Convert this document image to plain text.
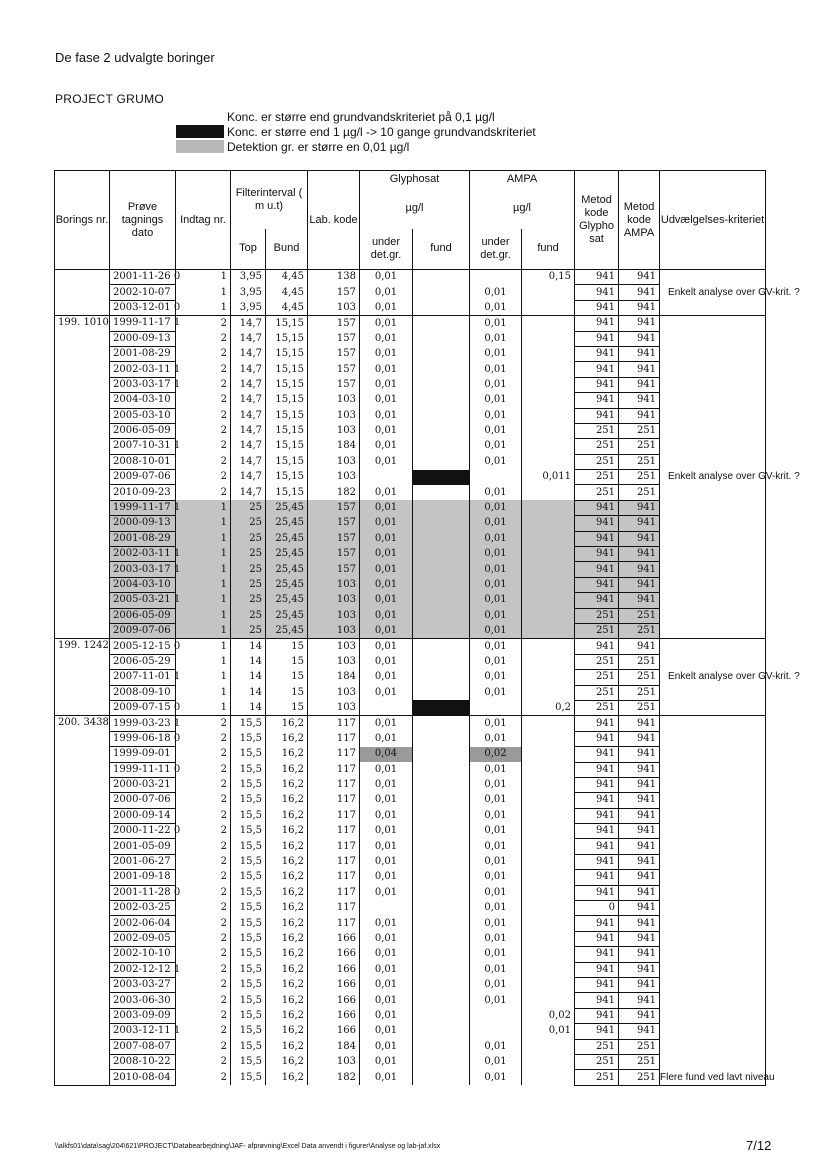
De fase 2 udvalgte boringer
PROJECT GRUMO
Konc. er større end grundvandskriteriet på 0,1 µg/l
Konc. er større end 1 µg/l -> 10 gange grundvandskriteriet
Detektion gr. er større en 0,01 µg/l
Borings nr.	Prøve tagnings dato	Indtag nr.	Filterinterval ( m u.t)		Lab. kode	Glyphosat		AMPA		Metod kode Glypho sat	Metod kode AMPA	Udvælgelses-kriteriet
						µg/l		µg/l				
			Top	Bund		under det.gr.	fund	under det.gr.	fund			

	2001-11-26 0	1	3,95	4,45	138	0,01			0,15	941	941	Enkelt analyse over GV-krit. ?
	2002-10-07	1	3,95	4,45	157	0,01		0,01		941	941	
	2003-12-01 0	1	3,95	4,45	103	0,01		0,01		941	941	
199. 1010	1999-11-17 1	2	14,7	15,15	157	0,01		0,01		941	941	Enkelt analyse over GV-krit. ?
	2000-09-13	2	14,7	15,15	157	0,01		0,01		941	941	
	2001-08-29	2	14,7	15,15	157	0,01		0,01		941	941	
	2002-03-11 1	2	14,7	15,15	157	0,01		0,01		941	941	
	2003-03-17 1	2	14,7	15,15	157	0,01		0,01		941	941	
	2004-03-10	2	14,7	15,15	103	0,01		0,01		941	941	
	2005-03-10	2	14,7	15,15	103	0,01		0,01		941	941	
	2006-05-09	2	14,7	15,15	103	0,01		0,01		251	251	
	2007-10-31 1	2	14,7	15,15	184	0,01		0,01		251	251	
	2008-10-01	2	14,7	15,15	103	0,01		0,01		251	251	
	2009-07-06	2	14,7	15,15	103				0,011	251	251	
	2010-09-23	2	14,7	15,15	182	0,01		0,01		251	251	
	1999-11-17 1	1	25	25,45	157	0,01		0,01		941	941	
	2000-09-13	1	25	25,45	157	0,01		0,01		941	941	
	2001-08-29	1	25	25,45	157	0,01		0,01		941	941	
	2002-03-11 1	1	25	25,45	157	0,01		0,01		941	941	
	2003-03-17 1	1	25	25,45	157	0,01		0,01		941	941	
	2004-03-10	1	25	25,45	103	0,01		0,01		941	941	
	2005-03-21 1	1	25	25,45	103	0,01		0,01		941	941	
	2006-05-09	1	25	25,45	103	0,01		0,01		251	251	
	2009-07-06	1	25	25,45	103	0,01		0,01		251	251	
199. 1242	2005-12-15 0	1	14	15	103	0,01		0,01		941	941	Enkelt analyse over GV-krit. ?
	2006-05-29	1	14	15	103	0,01		0,01		251	251	
	2007-11-01 1	1	14	15	184	0,01		0,01		251	251	
	2008-09-10	1	14	15	103	0,01		0,01		251	251	
	2009-07-15 0	1	14	15	103				0,2	251	251	
200. 3438	1999-03-23 1	2	15,5	16,2	117	0,01		0,01		941	941	Flere fund ved lavt niveau
	1999-06-18 0	2	15,5	16,2	117	0,01		0,01		941	941	
	1999-09-01	2	15,5	16,2	117	0,04		0,02		941	941	
	1999-11-11 0	2	15,5	16,2	117	0,01		0,01		941	941	
	2000-03-21	2	15,5	16,2	117	0,01		0,01		941	941	
	2000-07-06	2	15,5	16,2	117	0,01		0,01		941	941	
	2000-09-14	2	15,5	16,2	117	0,01		0,01		941	941	
	2000-11-22 0	2	15,5	16,2	117	0,01		0,01		941	941	
	2001-05-09	2	15,5	16,2	117	0,01		0,01		941	941	
	2001-06-27	2	15,5	16,2	117	0,01		0,01		941	941	
	2001-09-18	2	15,5	16,2	117	0,01		0,01		941	941	
	2001-11-28 0	2	15,5	16,2	117	0,01		0,01		941	941	
	2002-03-25	2	15,5	16,2	117			0,01		0	941	
	2002-06-04	2	15,5	16,2	117	0,01		0,01		941	941	
	2002-09-05	2	15,5	16,2	166	0,01		0,01		941	941	
	2002-10-10	2	15,5	16,2	166	0,01		0,01		941	941	
	2002-12-12 1	2	15,5	16,2	166	0,01		0,01		941	941	
	2003-03-27	2	15,5	16,2	166	0,01		0,01		941	941	
	2003-06-30	2	15,5	16,2	166	0,01		0,01		941	941	
	2003-09-09	2	15,5	16,2	166	0,01			0,02	941	941	
	2003-12-11 1	2	15,5	16,2	166	0,01			0,01	941	941	
	2007-08-07	2	15,5	16,2	184	0,01		0,01		251	251	
	2008-10-22	2	15,5	16,2	103	0,01		0,01		251	251	
	2010-08-04	2	15,5	16,2	182	0,01		0,01		251	251	
\\alkfs01\data\sag\204\621\PROJECT\Databearbejdning\JAF- afprøvning\Excel Data anvendt i figurer\Analyse og lab-jaf.xlsx	7/12
